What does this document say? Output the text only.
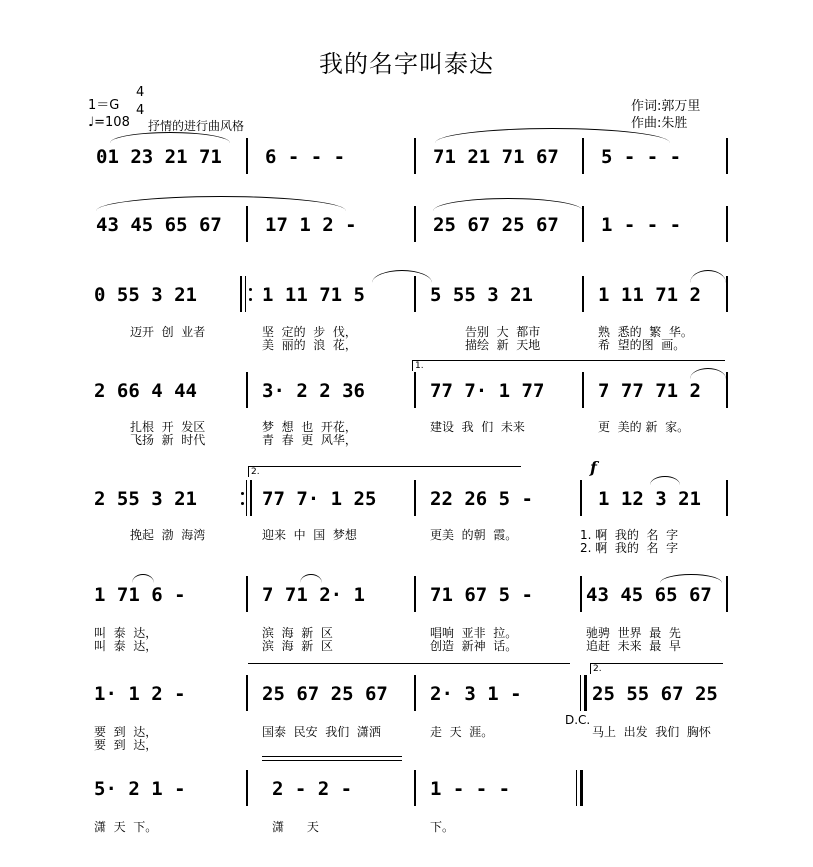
我的名字叫泰达
1＝G
4
4
♩=108 抒情的进行曲风格
作词:郭万里
作曲:朱胜
01 23 21 71 6 - - -	71 21 71 67 5 - - -
43 45 65 67 17 1 2 -	25 67 25 67 1 - - -
0 55 3 21	1 11 71 5	5 55 3 21	1 11 71 2
迈开  创  业者	坚  定的  步  伐，	告别  大  都市	熟  悉的  繁  华。
美  丽的  浪  花，	描绘  新  天地	希  望的图  画。
1.
2 66 4 44	3· 2 2 36	77 7· 1 77	7 77 71 2
扎根  开  发区	梦  想  也  开花，	建设  我  们  未来	更  美的 新  家。
飞扬  新  时代	青  春  更  风华，
2.	f
2 55 3 21	77 7· 1 25	22 26 5 -	1 12 3 21
挽起  渤  海湾	迎来  中  国  梦想	更美  的朝  霞。	1. 啊  我的  名  字
2. 啊  我的  名  字
1 71 6 -	7 71 2· 1	71 67 5 -	43 45 65 67
叫  泰  达，	滨  海  新  区	唱响  亚非  拉。	驰骋  世界  最  先
叫  泰  达，	滨  海  新  区	创造  新神  话。	追赶  未来  最  早
2.
1· 1 2 -	25 67 25 67 2· 3 1 -	25 55 67 25
D.C.
要  到  达，	国泰  民安  我们  潇洒	走  天  涯。	马上  出发  我们  胸怀
要  到  达，
5· 2 1 -	2 - 2 -	1 - - -
潇  天  下。	潇      天	下。
